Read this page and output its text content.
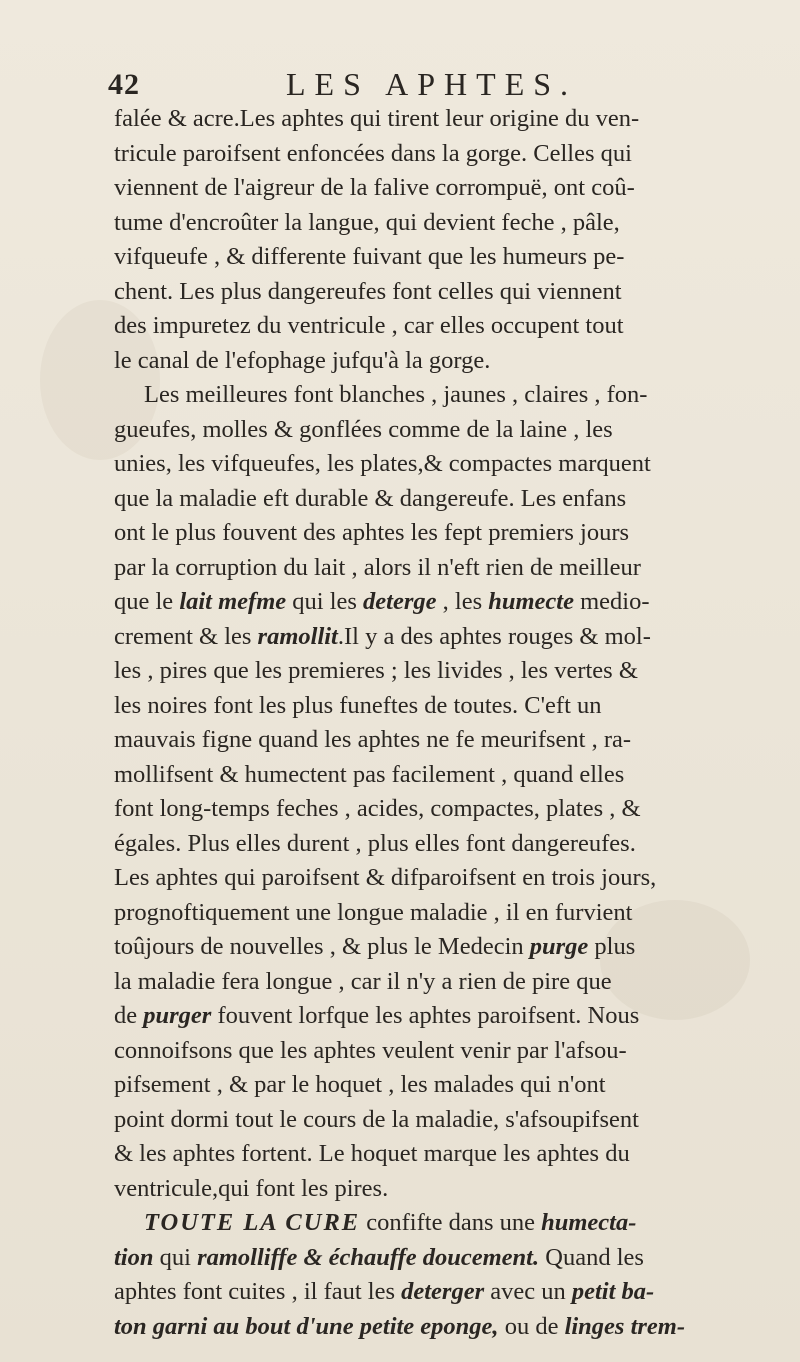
42	LES APHTES.
falée & acre.Les aphtes qui tirent leur origine du ven-
tricule paroifsent enfoncées dans la gorge. Celles qui
viennent de l'aigreur de la falive corrompuë, ont coû-
tume d'encroûter la langue, qui devient feche , pâle,
vifqueufe , & differente fuivant que les humeurs pe-
chent. Les plus dangereufes font celles qui viennent
des impuretez du ventricule , car elles occupent tout
le canal de l'efophage jufqu'à la gorge.
Les meilleures font blanches , jaunes , claires , fon-
gueufes, molles & gonflées comme de la laine , les
unies, les vifqueufes, les plates,& compactes marquent
que la maladie eft durable & dangereufe. Les enfans
ont le plus fouvent des aphtes les fept premiers jours
par la corruption du lait , alors il n'eft rien de meilleur
que le lait mefme qui les deterge , les humecte medio-
crement & les ramollit.Il y a des aphtes rouges & mol-
les , pires que les premieres ; les livides , les vertes &
les noires font les plus funeftes de toutes. C'eft un
mauvais figne quand les aphtes ne fe meurifsent , ra-
mollifsent & humectent pas facilement , quand elles
font long-temps feches , acides, compactes, plates , &
égales. Plus elles durent , plus elles font dangereufes.
Les aphtes qui paroifsent & difparoifsent en trois jours,
prognoftiquement une longue maladie , il en furvient
toûjours de nouvelles , & plus le Medecin purge plus
la maladie fera longue , car il n'y a rien de pire que
de purger fouvent lorfque les aphtes paroifsent. Nous
connoifsons que les aphtes veulent venir par l'afsou-
pifsement , & par le hoquet , les malades qui n'ont
point dormi tout le cours de la maladie, s'afsoupifsent
& les aphtes fortent. Le hoquet marque les aphtes du
ventricule,qui font les pires.
TOUTE LA CURE confifte dans une humecta-
tion qui ramolliffe & échauffe doucement. Quand les
aphtes font cuites , il faut les deterger avec un petit ba-
ton garni au bout d'une petite eponge, ou de linges trem-
